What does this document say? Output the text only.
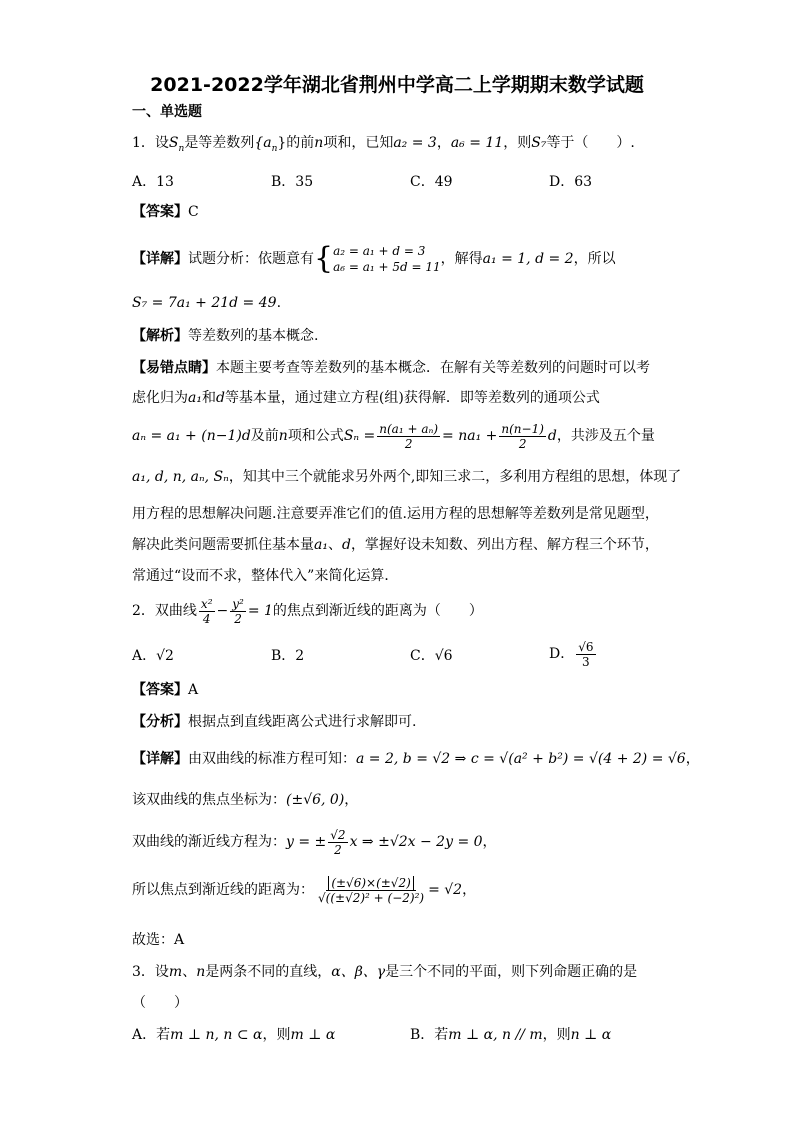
2021-2022学年湖北省荆州中学高二上学期期末数学试题
一、单选题
1．设$S_n$是等差数列$\{a_n\}$的前n项和，已知a₂ = 3，a₆ = 11，则S₇等于（　　）.
A．13	B．35	C．49	D．63
【答案】C
【详解】试题分析：依题意有 { a₂ = a₁ + d = 3
a₆ = a₁ + 5d = 11 ，解得a₁ = 1, d = 2，所以
S₇ = 7a₁ + 21d = 49.
【解析】等差数列的基本概念.
【易错点睛】本题主要考查等差数列的基本概念．在解有关等差数列的问题时可以考
虑化归为a₁和d等基本量，通过建立方程(组)获得解．即等差数列的通项公式
aₙ = a₁ + (n−1)d及前n项和公式$S_n = \frac{\text{n(a₁ + aₙ)}}{2} = na_1 + \frac{n(n-1)}{2}$ d，共涉及五个量
a₁, d, n, aₙ, Sₙ，知其中三个就能求另外两个,即知三求二，多利用方程组的思想，体现了
用方程的思想解决问题.注意要弄准它们的值.运用方程的思想解等差数列是常见题型，
解决此类问题需要抓住基本量a₁、d，掌握好设未知数、列出方程、解方程三个环节，
常通过“设而不求，整体代入”来简化运算．
2．双曲线 $\frac{\text{x²}}{4} - \frac{\text{y²}}{2} = 1$的焦点到渐近线的距离为（　　）
A．√2	B．2	C．√6	D． $\frac{√6}{3}$
【答案】A
【分析】根据点到直线距离公式进行求解即可.
【详解】由双曲线的标准方程可知：a = 2, b = √2 ⇒ c = √(a² + b²) = √(4 + 2) = √6，
该双曲线的焦点坐标为：(±√6, 0)，
双曲线的渐近线方程为：y = ± $\frac{√2}{2}$ x ⇒ ±√2x − 2y = 0，
所以焦点到渐近线的距离为： $\frac{(\pm√6)\times(\pm√2)}{\text{√((±√2)² + (−2)²)}} = √2$，
故选：A
3．设m、n是两条不同的直线，α、β、γ是三个不同的平面，则下列命题正确的是
（　　）
A．若m ⊥ n, n ⊂ α，则m ⊥ α	B．若m ⊥ α, n // m，则n ⊥ α
